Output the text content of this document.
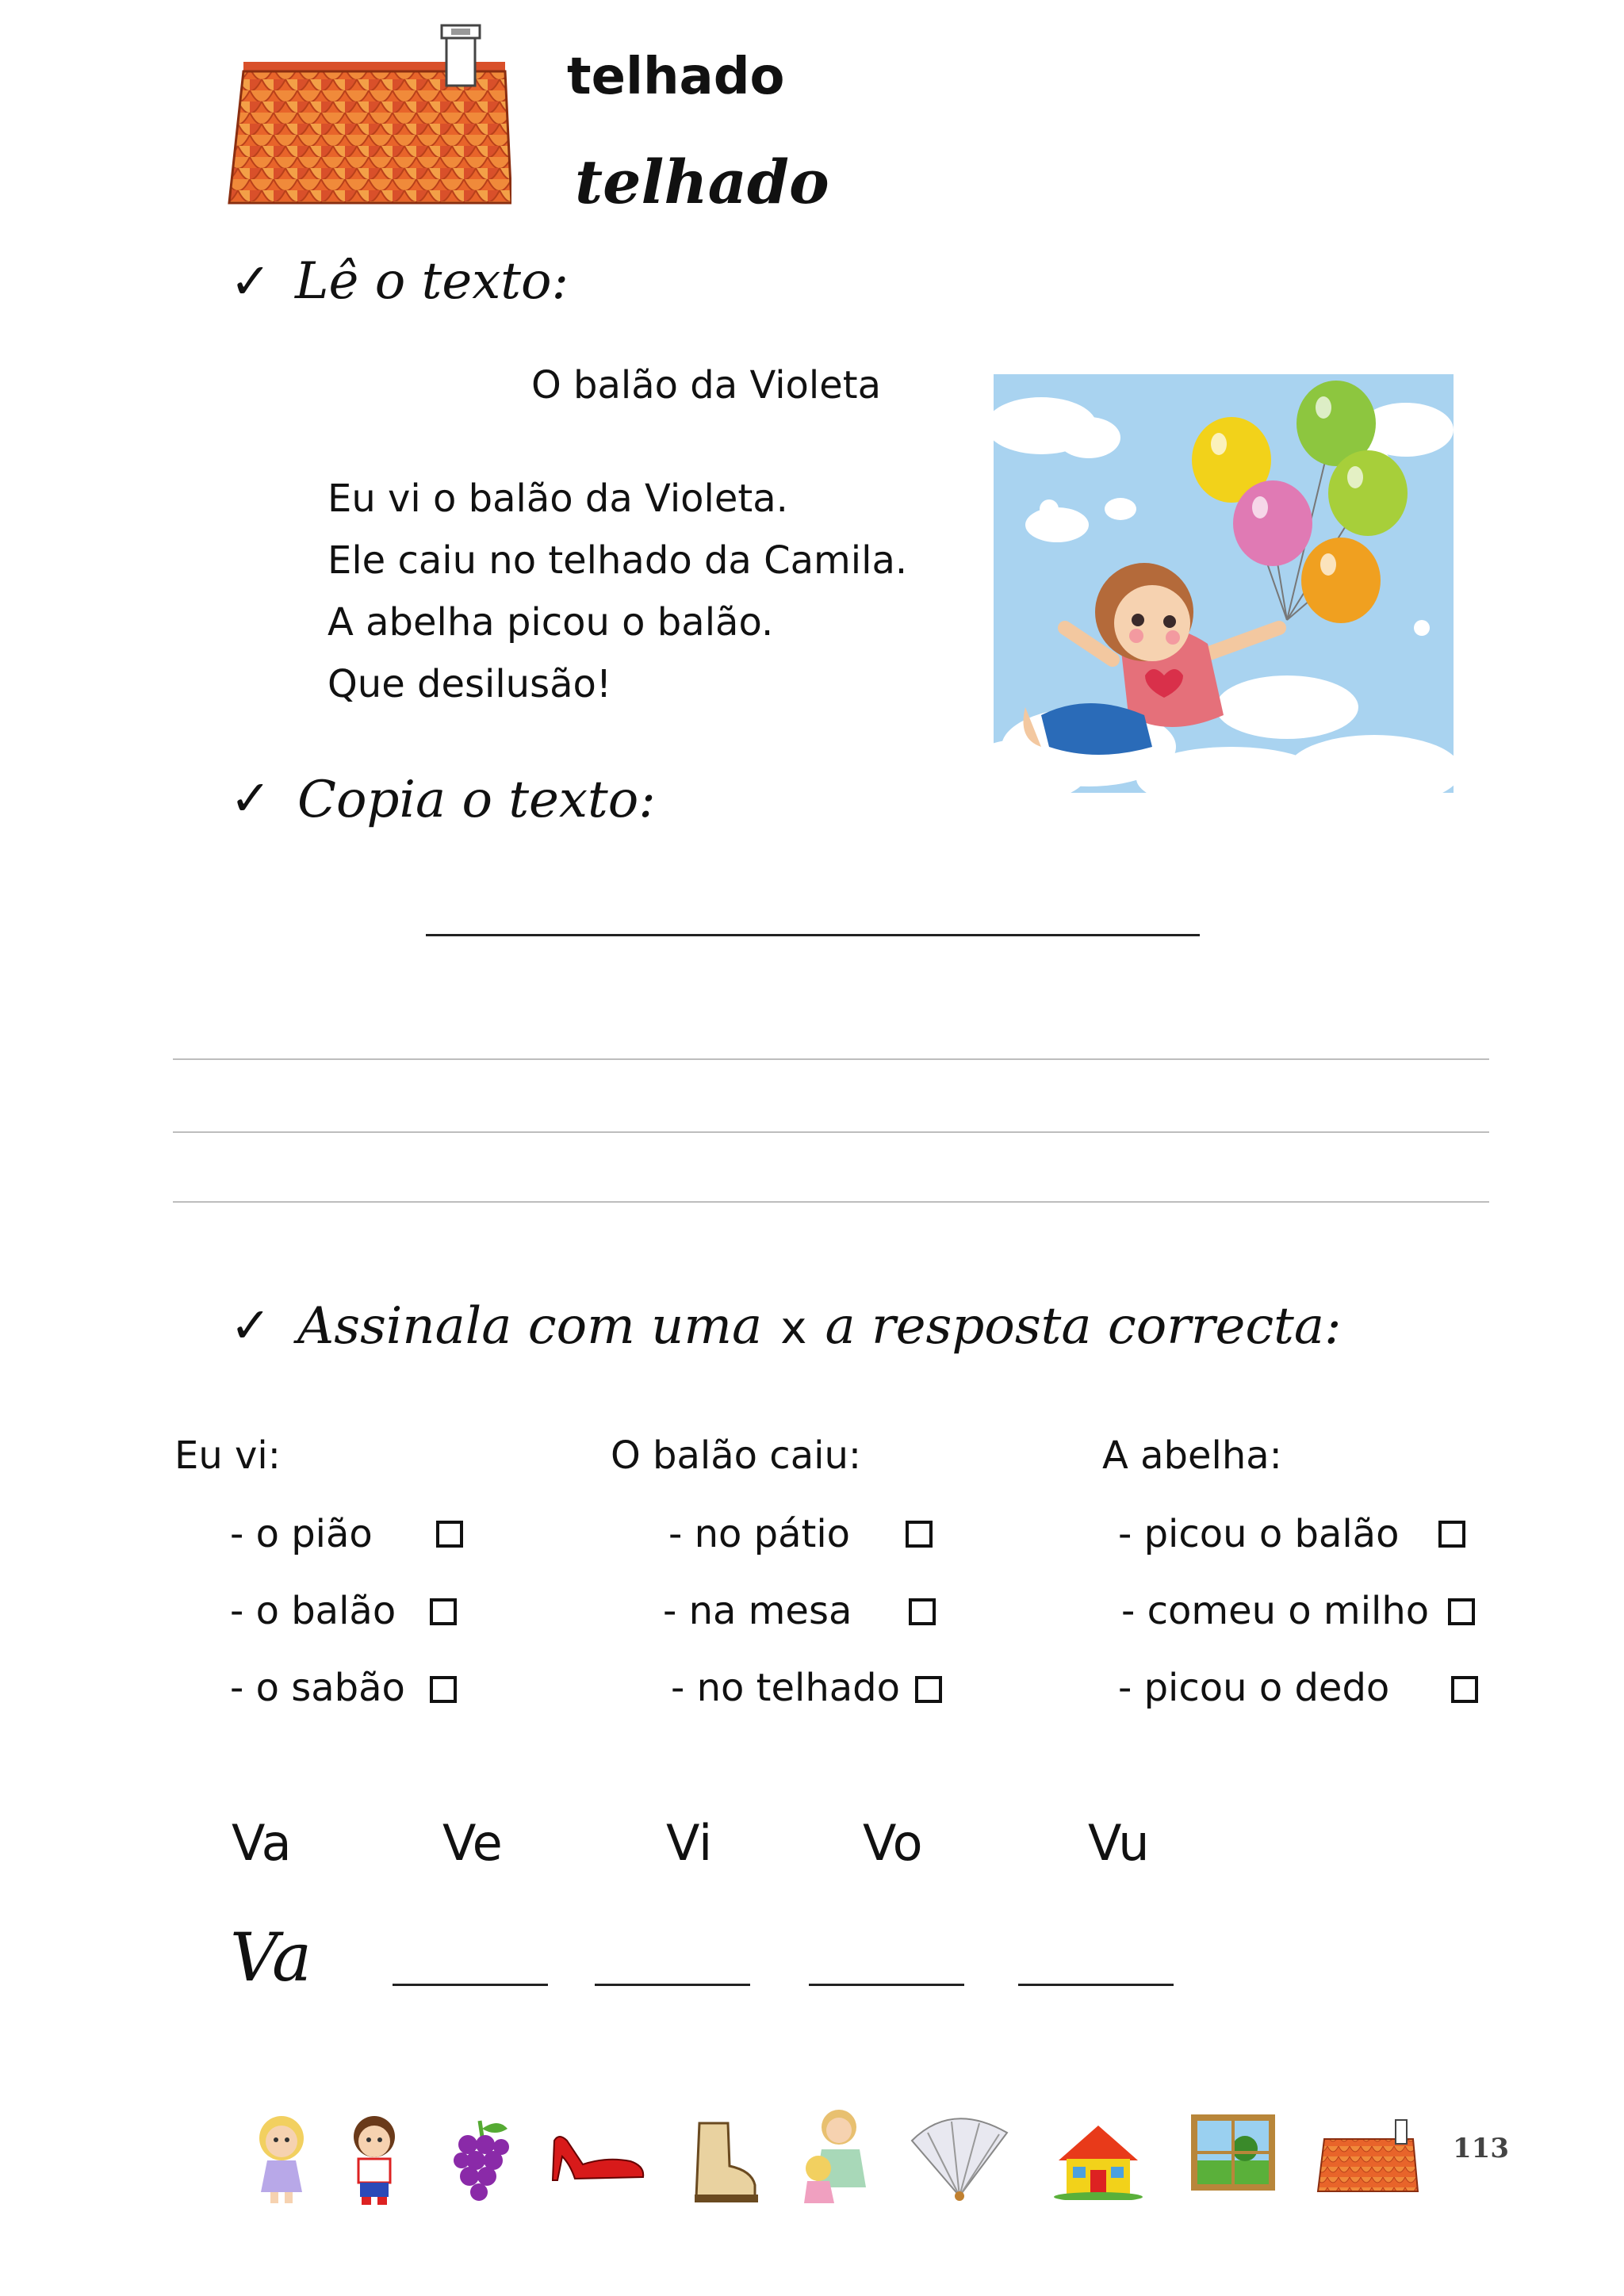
telhado
telhado
✓ Lê o texto:
O balão da Violeta
Eu vi o balão da Violeta.
Ele caiu no telhado da Camila.
A abelha picou o balão.
Que desilusão!
✓ Copia o texto:
✓ Assinala com uma x a resposta correcta:
Eu vi:
- o pião
- o balão
- o sabão
O balão caiu:
- no pátio
- na mesa
- no telhado
A abelha:
- picou o balão
- comeu o milho
- picou o dedo
Va	Ve	Vi	Vo	Vu
Va
113
